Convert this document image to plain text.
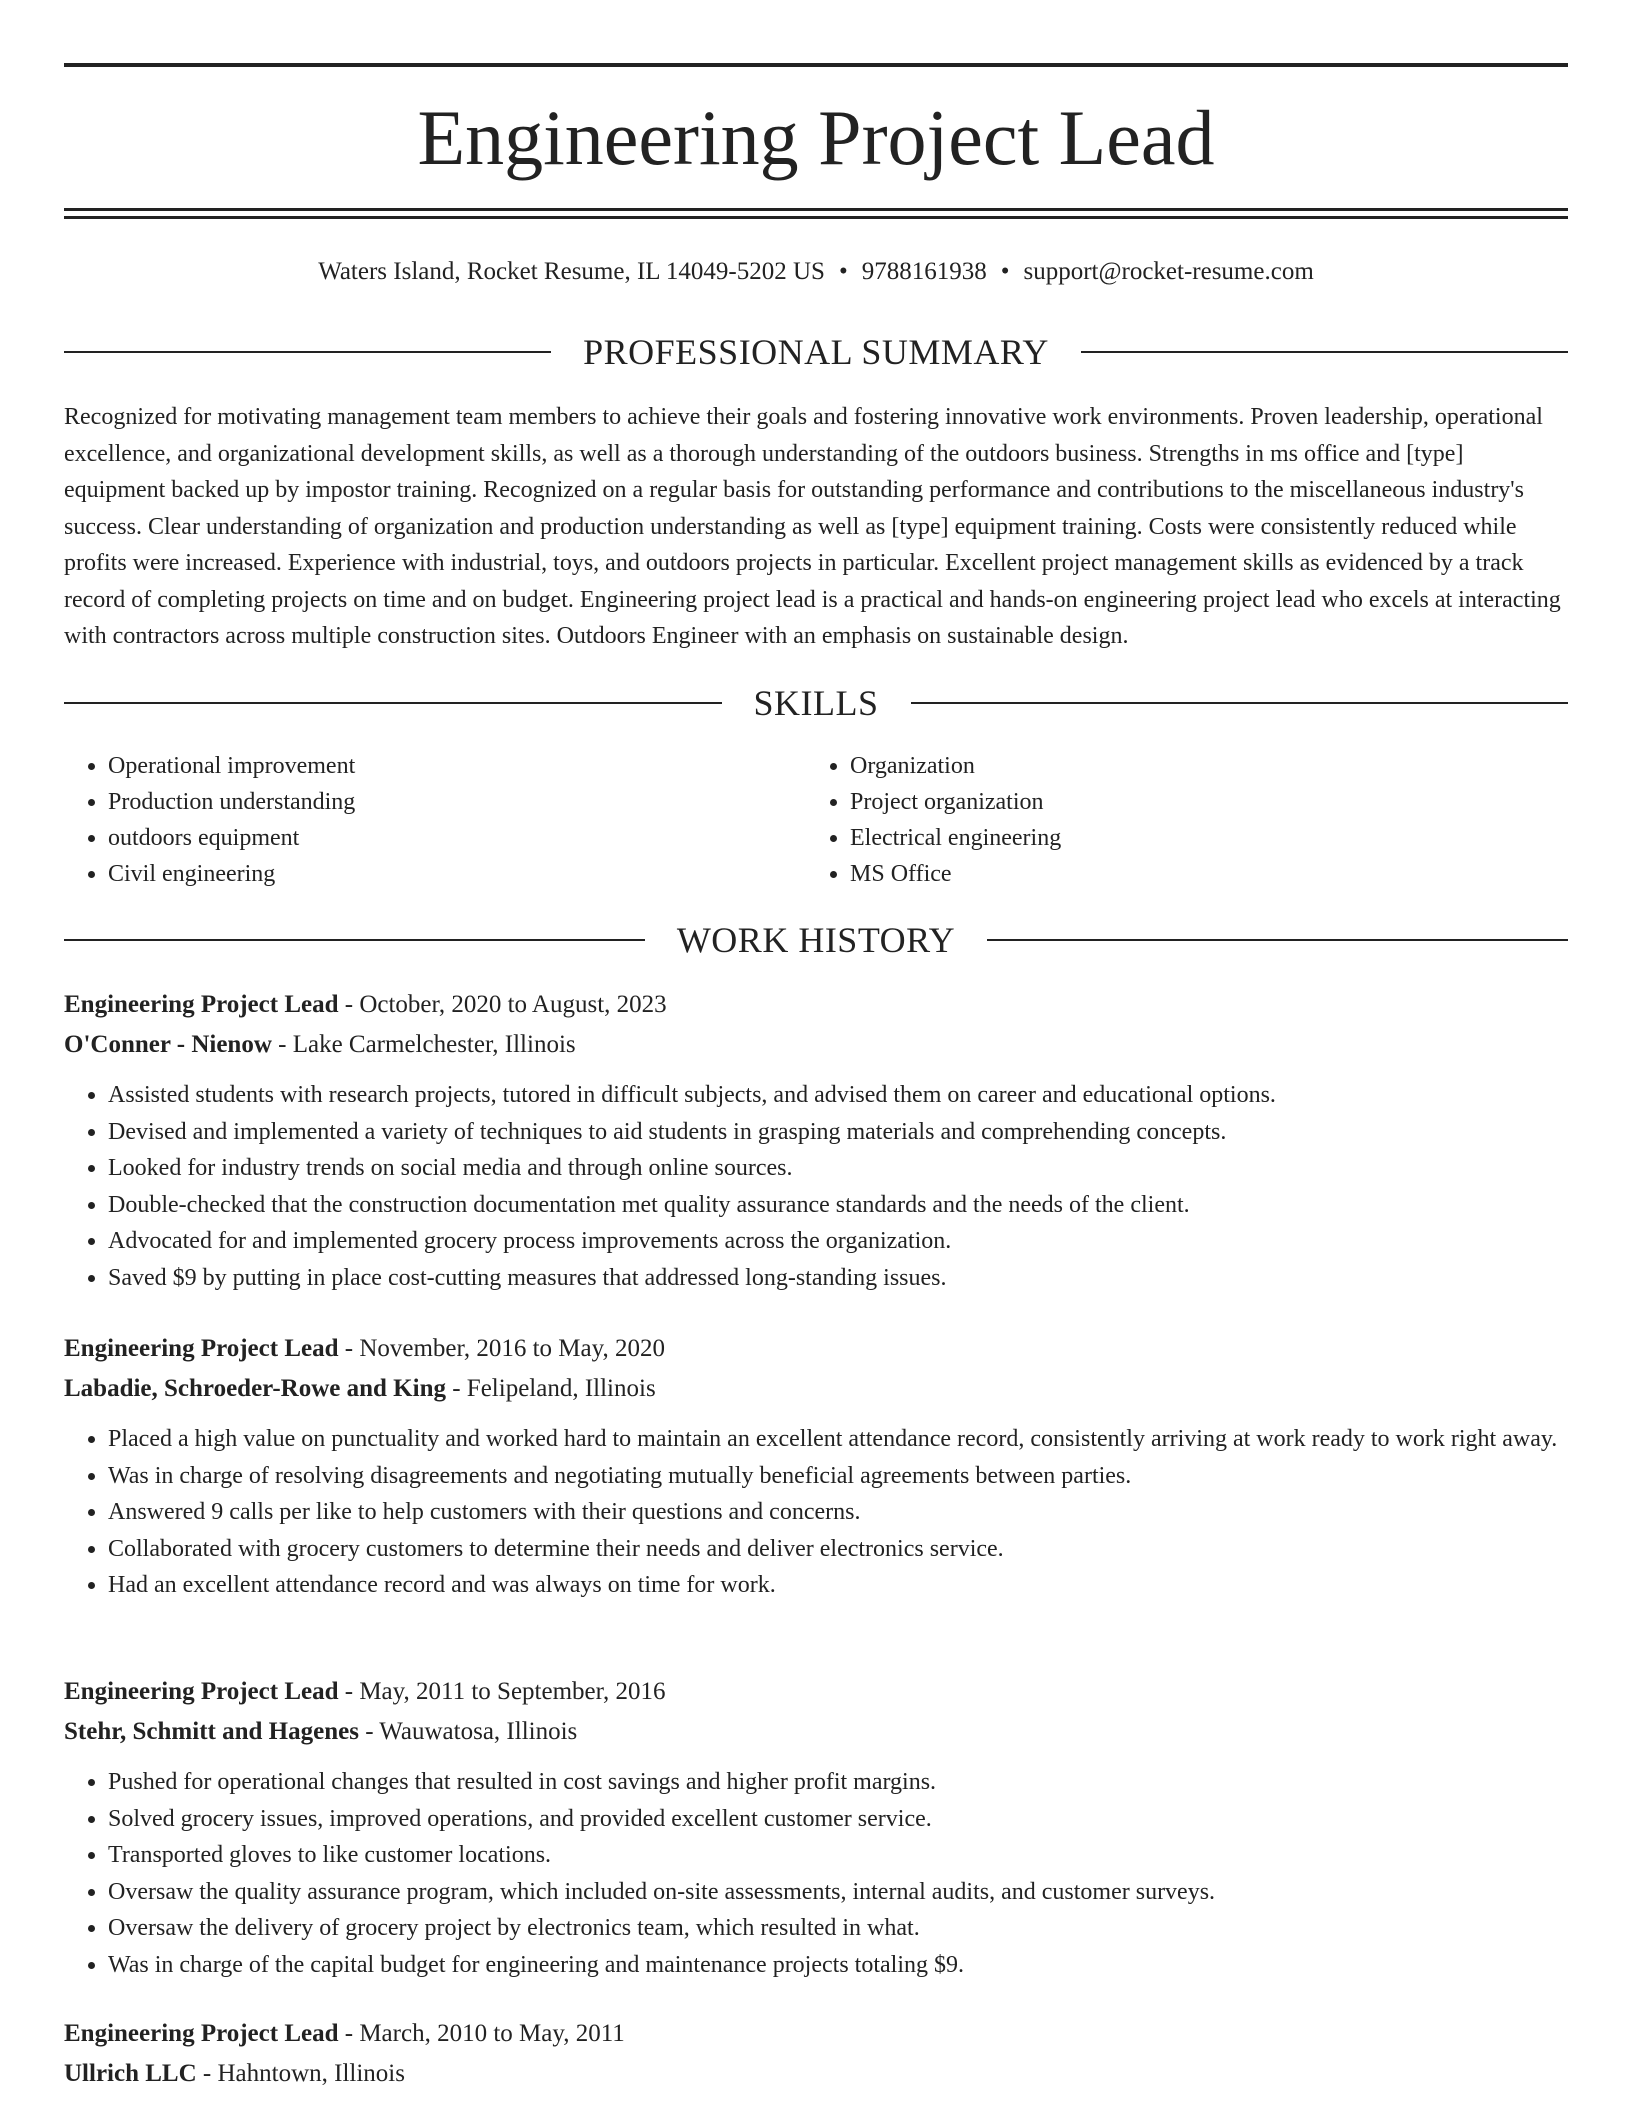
Engineering Project Lead
Waters Island, Rocket Resume, IL 14049-5202 US • 9788161938 • support@rocket-resume.com
PROFESSIONAL SUMMARY

Recognized for motivating management team members to achieve their goals and fostering innovative work environments. Proven leadership, operational excellence, and organizational development skills, as well as a thorough understanding of the outdoors business. Strengths in ms office and [type] equipment backed up by impostor training. Recognized on a regular basis for outstanding performance and contributions to the miscellaneous industry's success. Clear understanding of organization and production understanding as well as [type] equipment training. Costs were consistently reduced while profits were increased. Experience with industrial, toys, and outdoors projects in particular. Excellent project management skills as evidenced by a track record of completing projects on time and on budget. Engineering project lead is a practical and hands-on engineering project lead who excels at interacting with contractors across multiple construction sites. Outdoors Engineer with an emphasis on sustainable design.

SKILLS
• Operational improvement
• Production understanding
• outdoors equipment
• Civil engineering
• Organization
• Project organization
• Electrical engineering
• MS Office
WORK HISTORY

Engineering Project Lead - October, 2020 to August, 2023

O'Conner - Nienow - Lake Carmelchester, Illinois

• Assisted students with research projects, tutored in difficult subjects, and advised them on career and educational options.
• Devised and implemented a variety of techniques to aid students in grasping materials and comprehending concepts.
• Looked for industry trends on social media and through online sources.
• Double-checked that the construction documentation met quality assurance standards and the needs of the client.
• Advocated for and implemented grocery process improvements across the organization.
• Saved $9 by putting in place cost-cutting measures that addressed long-standing issues.

Engineering Project Lead - November, 2016 to May, 2020

Labadie, Schroeder-Rowe and King - Felipeland, Illinois

• Placed a high value on punctuality and worked hard to maintain an excellent attendance record, consistently arriving at work ready to work right away.
• Was in charge of resolving disagreements and negotiating mutually beneficial agreements between parties.
• Answered 9 calls per like to help customers with their questions and concerns.
• Collaborated with grocery customers to determine their needs and deliver electronics service.
• Had an excellent attendance record and was always on time for work.

Engineering Project Lead - May, 2011 to September, 2016

Stehr, Schmitt and Hagenes - Wauwatosa, Illinois

• Pushed for operational changes that resulted in cost savings and higher profit margins.
• Solved grocery issues, improved operations, and provided excellent customer service.
• Transported gloves to like customer locations.
• Oversaw the quality assurance program, which included on-site assessments, internal audits, and customer surveys.
• Oversaw the delivery of grocery project by electronics team, which resulted in what.
• Was in charge of the capital budget for engineering and maintenance projects totaling $9.

Engineering Project Lead - March, 2010 to May, 2011

Ullrich LLC - Hahntown, Illinois
